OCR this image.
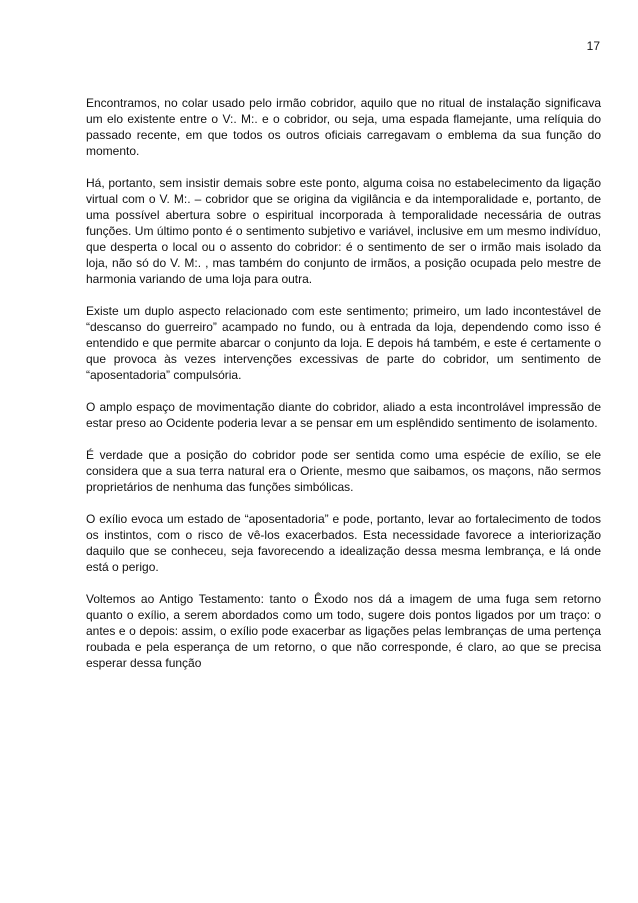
17

Encontramos, no colar usado pelo irmão cobridor, aquilo que no ritual de instalação significava um elo existente entre o V:. M:. e o cobridor, ou seja, uma espada flamejante, uma relíquia do passado recente, em que todos os outros oficiais carregavam o emblema da sua função do momento.

Há, portanto, sem insistir demais sobre este ponto, alguma coisa no estabelecimento da ligação virtual com o V. M:. – cobridor que se origina da vigilância e da intemporalidade e, portanto, de uma possível abertura sobre o espiritual incorporada à temporalidade necessária de outras funções. Um último ponto é o sentimento subjetivo e variável, inclusive em um mesmo indivíduo, que desperta o local ou o assento do cobridor: é o sentimento de ser o irmão mais isolado da loja, não só do V. M:. , mas também do conjunto de irmãos, a posição ocupada pelo mestre de harmonia variando de uma loja para outra.

Existe um duplo aspecto relacionado com este sentimento; primeiro, um lado incontestável de “descanso do guerreiro” acampado no fundo, ou à entrada da loja, dependendo como isso é entendido e que permite abarcar o conjunto da loja. E depois há também, e este é certamente o que provoca às vezes intervenções excessivas de parte do cobridor, um sentimento de “aposentadoria” compulsória.

O amplo espaço de movimentação diante do cobridor, aliado a esta incontrolável impressão de estar preso ao Ocidente poderia levar a se pensar em um esplêndido sentimento de isolamento.

É verdade que a posição do cobridor pode ser sentida como uma espécie de exílio, se ele considera que a sua terra natural era o Oriente, mesmo que saibamos, os maçons, não sermos proprietários de nenhuma das funções simbólicas.

O exílio evoca um estado de “aposentadoria” e pode, portanto, levar ao fortalecimento de todos os instintos, com o risco de vê-los exacerbados. Esta necessidade favorece a interiorização daquilo que se conheceu, seja favorecendo a idealização dessa mesma lembrança, e lá onde está o perigo.

Voltemos ao Antigo Testamento: tanto o Êxodo nos dá a imagem de uma fuga sem retorno quanto o exílio, a serem abordados como um todo, sugere dois pontos ligados por um traço: o antes e o depois: assim, o exílio pode exacerbar as ligações pelas lembranças de uma pertença roubada e pela esperança de um retorno, o que não corresponde, é claro, ao que se precisa esperar dessa função
